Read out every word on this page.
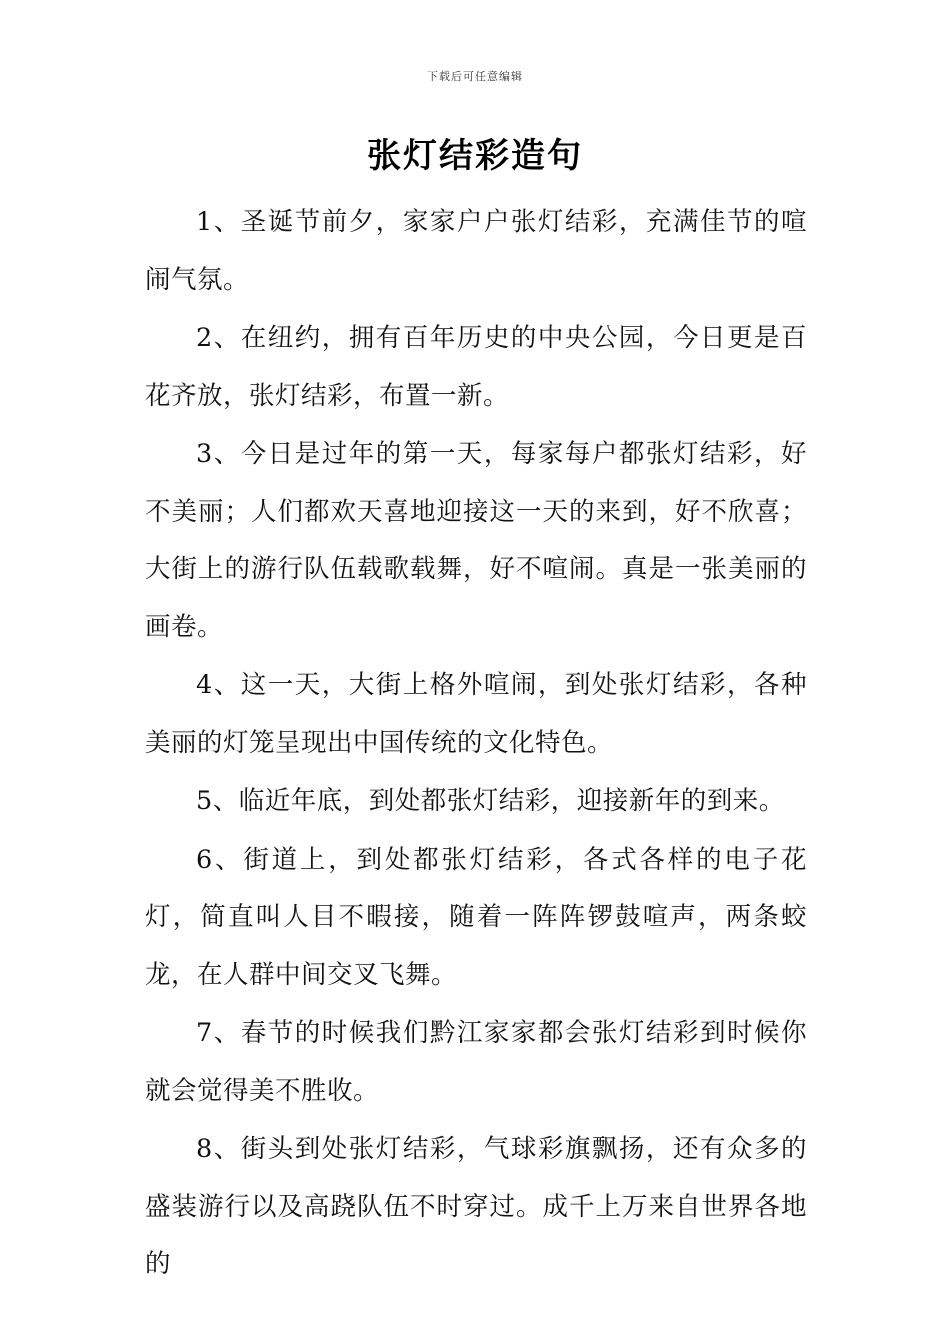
下载后可任意编辑
张灯结彩造句

1、圣诞节前夕，家家户户张灯结彩，充满佳节的喧闹气氛。

2、在纽约，拥有百年历史的中央公园，今日更是百花齐放，张灯结彩，布置一新。

3、今日是过年的第一天，每家每户都张灯结彩，好不美丽；人们都欢天喜地迎接这一天的来到，好不欣喜；大街上的游行队伍载歌载舞，好不喧闹。真是一张美丽的画卷。

4、这一天，大街上格外喧闹，到处张灯结彩，各种美丽的灯笼呈现出中国传统的文化特色。

5、临近年底，到处都张灯结彩，迎接新年的到来。

6、街道上，到处都张灯结彩，各式各样的电子花灯，简直叫人目不暇接，随着一阵阵锣鼓喧声，两条蛟龙，在人群中间交叉飞舞。

7、春节的时候我们黔江家家都会张灯结彩到时候你就会觉得美不胜收。

8、街头到处张灯结彩，气球彩旗飘扬，还有众多的盛装游行以及高跷队伍不时穿过。成千上万来自世界各地的
